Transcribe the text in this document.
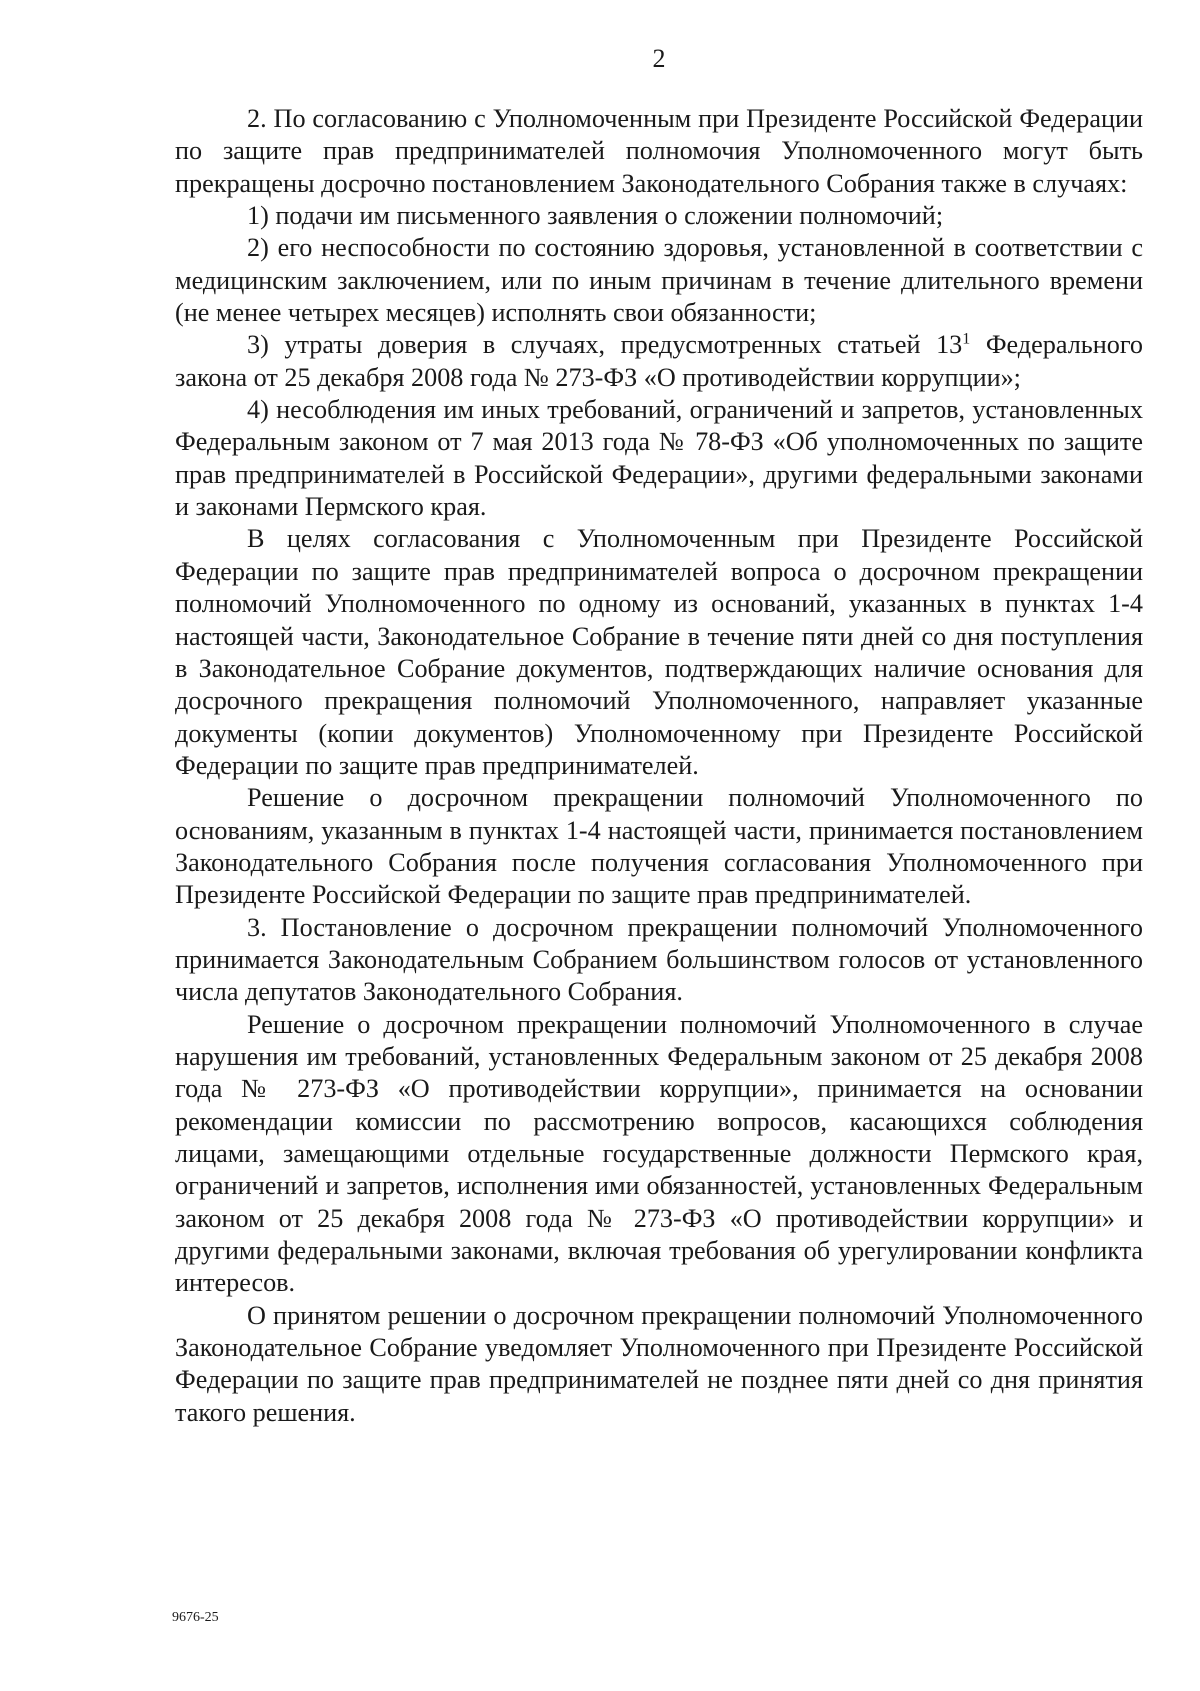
2

2. По согласованию с Уполномоченным при Президенте Российской Федерации по защите прав предпринимателей полномочия Уполномоченного могут быть прекращены досрочно постановлением Законодательного Собрания также в случаях:

1) подачи им письменного заявления о сложении полномочий;

2) его неспособности по состоянию здоровья, установленной в соответствии с медицинским заключением, или по иным причинам в течение длительного времени (не менее четырех месяцев) исполнять свои обязанности;

3) утраты доверия в случаях, предусмотренных статьей $13^1$ Федерального закона от 25 декабря 2008 года № 273-ФЗ «О противодействии коррупции»;

4) несоблюдения им иных требований, ограничений и запретов, установленных Федеральным законом от 7 мая 2013 года № 78-ФЗ «Об уполномоченных по защите прав предпринимателей в Российской Федерации», другими федеральными законами и законами Пермского края.

В целях согласования с Уполномоченным при Президенте Российской Федерации по защите прав предпринимателей вопроса о досрочном прекращении полномочий Уполномоченного по одному из оснований, указанных в пунктах 1-4 настоящей части, Законодательное Собрание в течение пяти дней со дня поступления в Законодательное Собрание документов, подтверждающих наличие основания для досрочного прекращения полномочий Уполномоченного, направляет указанные документы (копии документов) Уполномоченному при Президенте Российской Федерации по защите прав предпринимателей.

Решение о досрочном прекращении полномочий Уполномоченного по основаниям, указанным в пунктах 1-4 настоящей части, принимается постановлением Законодательного Собрания после получения согласования Уполномоченного при Президенте Российской Федерации по защите прав предпринимателей.

3. Постановление о досрочном прекращении полномочий Уполномоченного принимается Законодательным Собранием большинством голосов от установленного числа депутатов Законодательного Собрания.

Решение о досрочном прекращении полномочий Уполномоченного в случае нарушения им требований, установленных Федеральным законом от 25 декабря 2008 года № 273-ФЗ «О противодействии коррупции», принимается на основании рекомендации комиссии по рассмотрению вопросов, касающихся соблюдения лицами, замещающими отдельные государственные должности Пермского края, ограничений и запретов, исполнения ими обязанностей, установленных Федеральным законом от 25 декабря 2008 года № 273-ФЗ «О противодействии коррупции» и другими федеральными законами, включая требования об урегулировании конфликта интересов.

О принятом решении о досрочном прекращении полномочий Уполномоченного Законодательное Собрание уведомляет Уполномоченного при Президенте Российской Федерации по защите прав предпринимателей не позднее пяти дней со дня принятия такого решения.

9676-25
